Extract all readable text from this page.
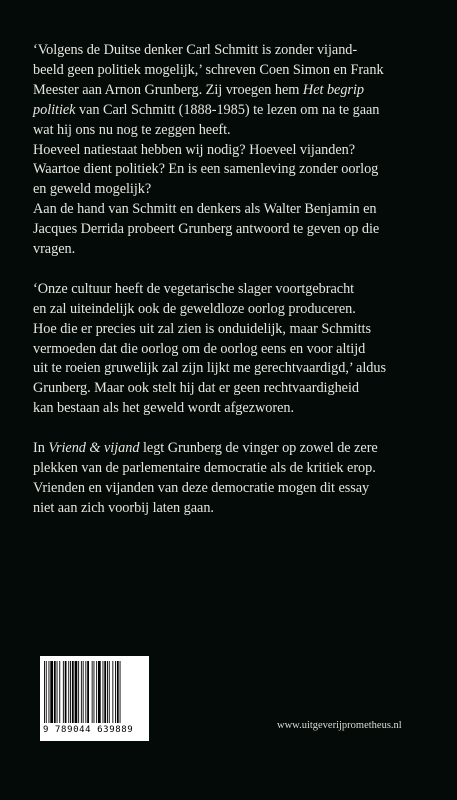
‘Volgens de Duitse denker Carl Schmitt is zonder vijand-

beeld geen politiek mogelijk,’ schreven Coen Simon en Frank

Meester aan Arnon Grunberg. Zij vroegen hem Het begrip

politiek van Carl Schmitt (1888-1985) te lezen om na te gaan

wat hij ons nu nog te zeggen heeft.

Hoeveel natiestaat hebben wij nodig? Hoeveel vijanden?

Waartoe dient politiek? En is een samenleving zonder oorlog

en geweld mogelijk?

Aan de hand van Schmitt en denkers als Walter Benjamin en

Jacques Derrida probeert Grunberg antwoord te geven op die

vragen.

‘Onze cultuur heeft de vegetarische slager voortgebracht

en zal uiteindelijk ook de geweldloze oorlog produceren.

Hoe die er precies uit zal zien is onduidelijk, maar Schmitts

vermoeden dat die oorlog om de oorlog eens en voor altijd

uit te roeien gruwelijk zal zijn lijkt me gerechtvaardigd,’ aldus

Grunberg. Maar ook stelt hij dat er geen rechtvaardigheid

kan bestaan als het geweld wordt afgezworen.

In Vriend & vijand legt Grunberg de vinger op zowel de zere

plekken van de parlementaire democratie als de kritiek erop.

Vrienden en vijanden van deze democratie mogen dit essay

niet aan zich voorbij laten gaan.

9 789044 639889	www.uitgeverijprometheus.nl
